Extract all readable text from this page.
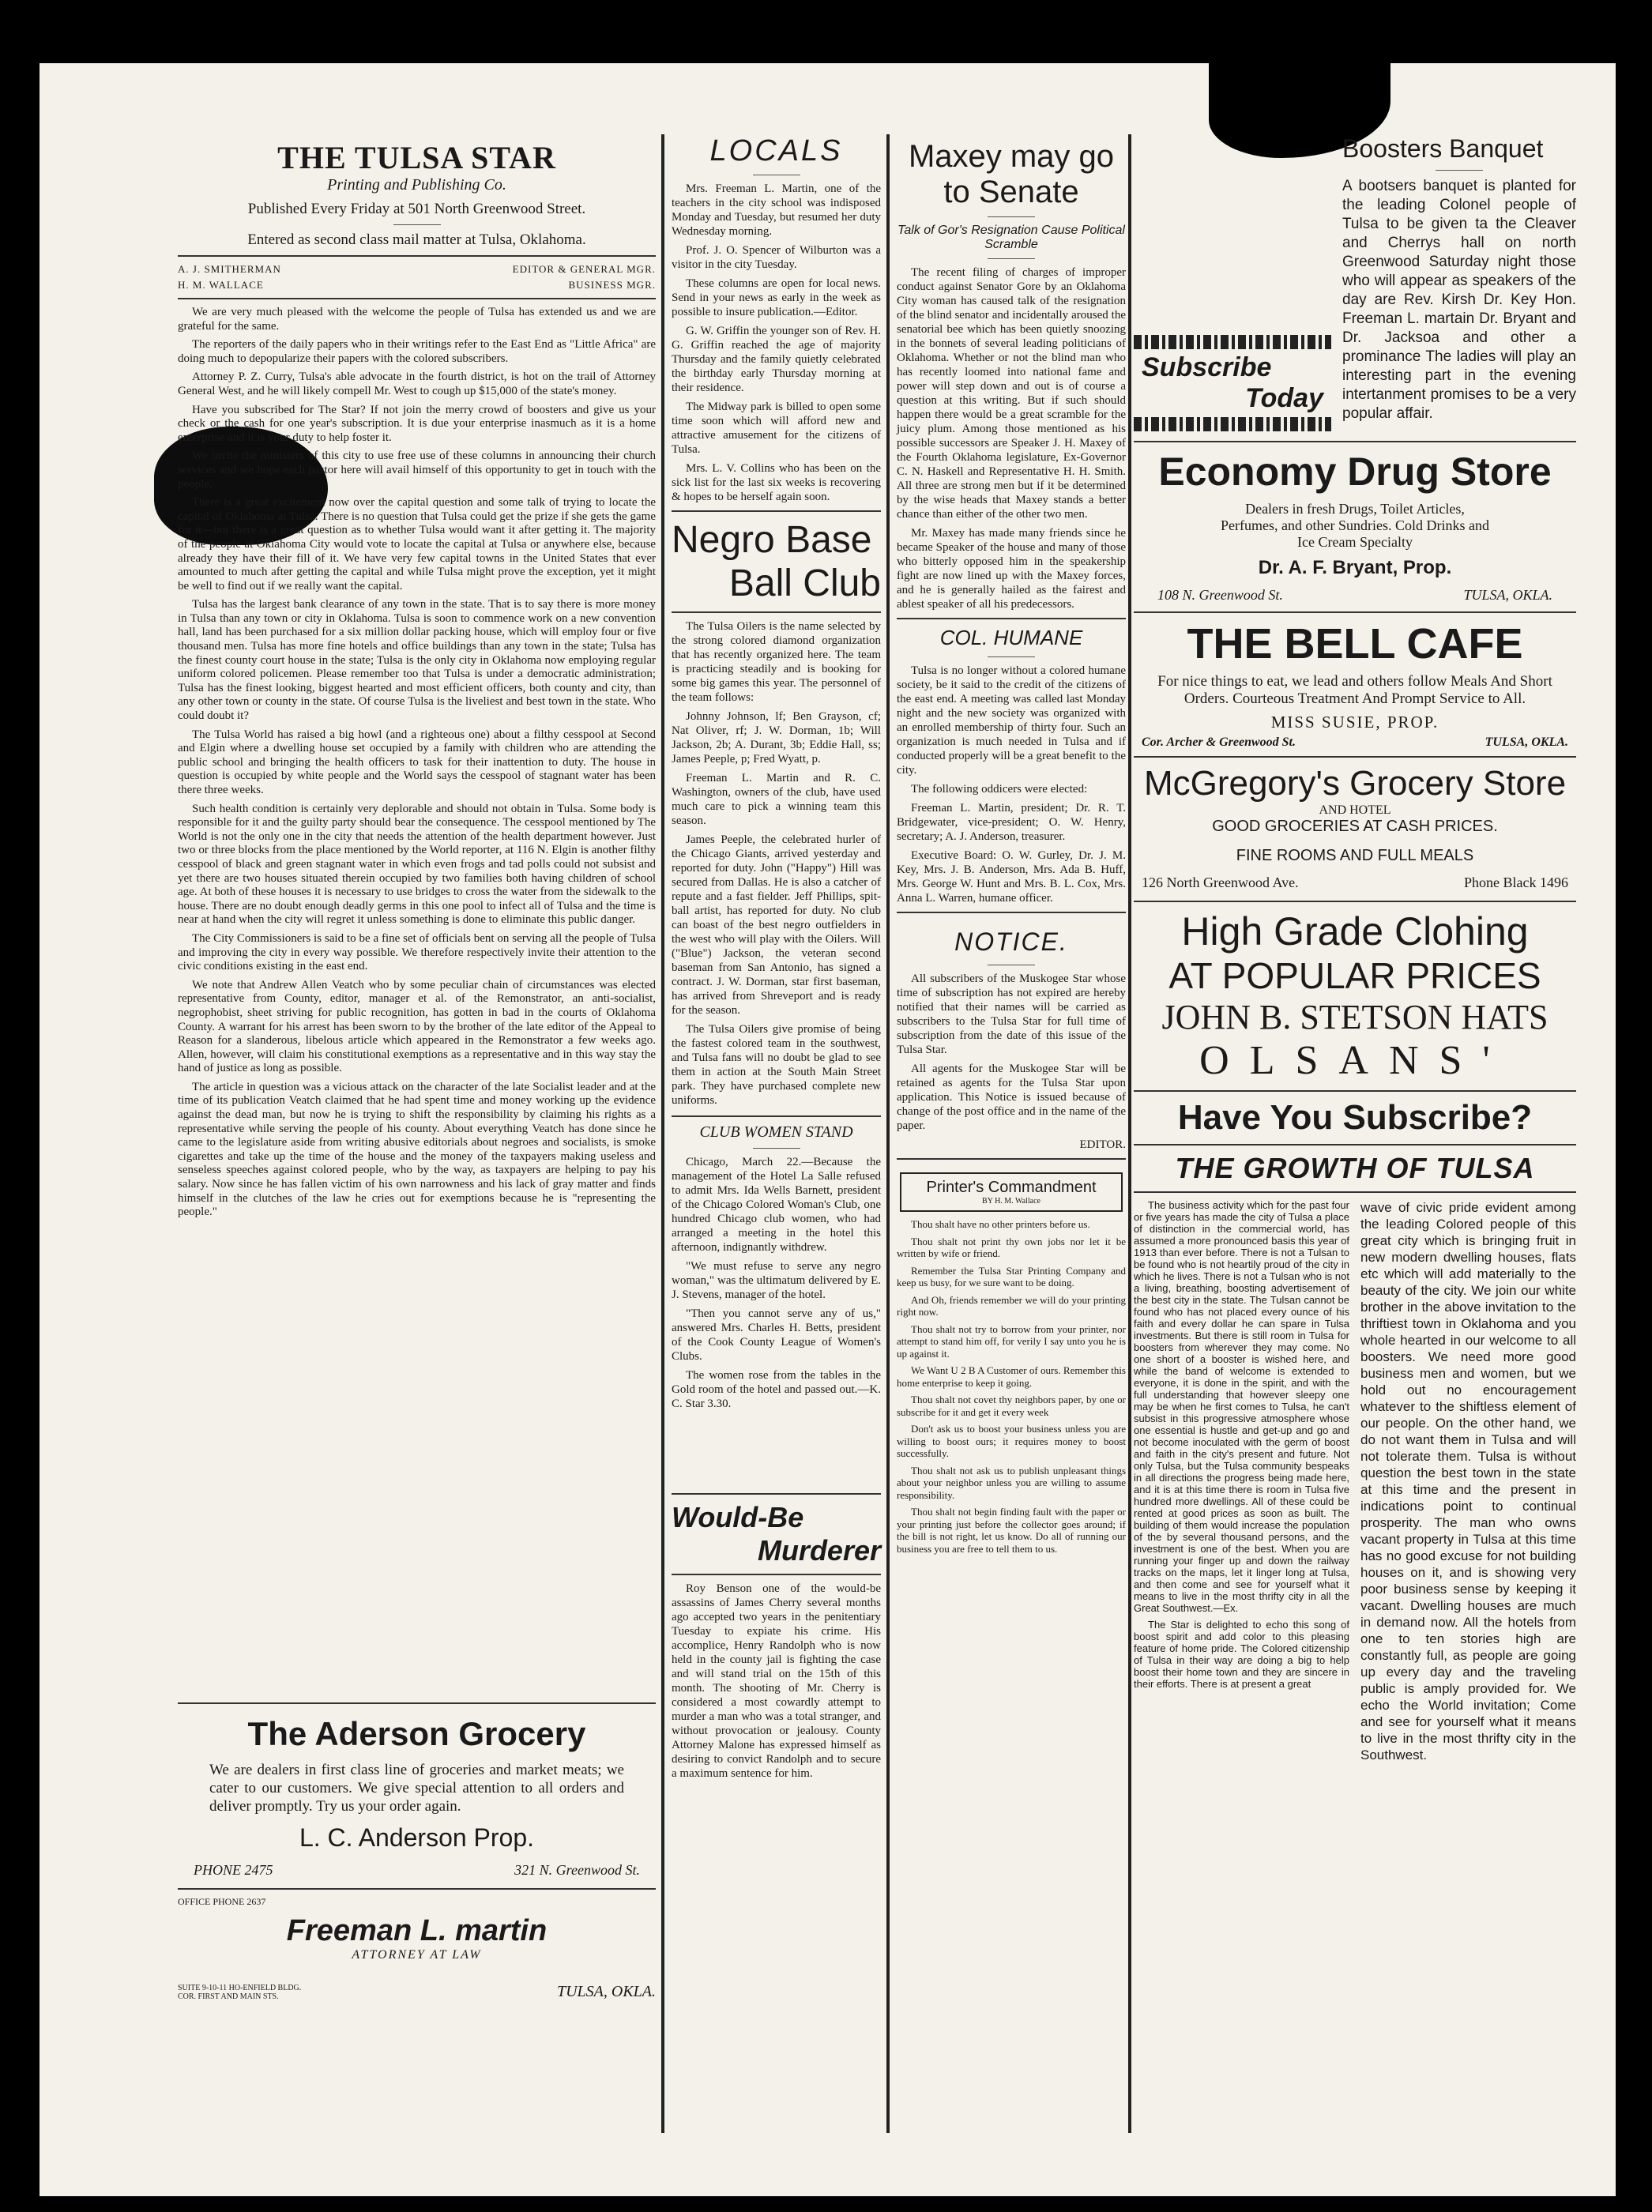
THE TULSA STAR
Printing and Publishing Co.
Published Every Friday at 501 North Greenwood Street.
Entered as second class mail matter at Tulsa, Oklahoma.
A. J. SMITHERMAN	EDITOR & GENERAL MGR.
H. M. WALLACE	BUSINESS MGR.

We are very much pleased with the welcome the people of Tulsa has extended us and we are grateful for the same.

The reporters of the daily papers who in their writings refer to the East End as "Little Africa" are doing much to depopularize their papers with the colored subscribers.

Attorney P. Z. Curry, Tulsa's able advocate in the fourth district, is hot on the trail of Attorney General West, and he will likely compell Mr. West to cough up $15,000 of the state's money.

Have you subscribed for The Star? If not join the merry crowd of boosters and give us your check or the cash for one year's subscription. It is due your enterprise inasmuch as it is a home enterprise and it is your duty to help foster it.

We invite the ministers of this city to use free use of these columns in announcing their church services and we hope each pastor here will avail himself of this opportunity to get in touch with the people.

There is a great excitement now over the capital question and some talk of trying to locate the capital of Oklahoma at Tulsa. There is no question that Tulsa could get the prize if she gets the game for it—but there is a great question as to whether Tulsa would want it after getting it. The majority of the people at Oklahoma City would vote to locate the capital at Tulsa or anywhere else, because already they have their fill of it. We have very few capital towns in the United States that ever amounted to much after getting the capital and while Tulsa might prove the exception, yet it might be well to find out if we really want the capital.

Tulsa has the largest bank clearance of any town in the state. That is to say there is more money in Tulsa than any town or city in Oklahoma. Tulsa is soon to commence work on a new convention hall, land has been purchased for a six million dollar packing house, which will employ four or five thousand men. Tulsa has more fine hotels and office buildings than any town in the state; Tulsa has the finest county court house in the state; Tulsa is the only city in Oklahoma now employing regular uniform colored policemen. Please remember too that Tulsa is under a democratic administration; Tulsa has the finest looking, biggest hearted and most efficient officers, both county and city, than any other town or county in the state. Of course Tulsa is the liveliest and best town in the state. Who could doubt it?

The Tulsa World has raised a big howl (and a righteous one) about a filthy cesspool at Second and Elgin where a dwelling house set occupied by a family with children who are attending the public school and bringing the health officers to task for their inattention to duty. The house in question is occupied by white people and the World says the cesspool of stagnant water has been there three weeks.

Such health condition is certainly very deplorable and should not obtain in Tulsa. Some body is responsible for it and the guilty party should bear the consequence. The cesspool mentioned by The World is not the only one in the city that needs the attention of the health department however. Just two or three blocks from the place mentioned by the World reporter, at 116 N. Elgin is another filthy cesspool of black and green stagnant water in which even frogs and tad polls could not subsist and yet there are two houses situated therein occupied by two families both having children of school age. At both of these houses it is necessary to use bridges to cross the water from the sidewalk to the house. There are no doubt enough deadly germs in this one pool to infect all of Tulsa and the time is near at hand when the city will regret it unless something is done to eliminate this public danger.

The City Commissioners is said to be a fine set of officials bent on serving all the people of Tulsa and improving the city in every way possible. We therefore respectively invite their attention to the civic conditions existing in the east end.

We note that Andrew Allen Veatch who by some peculiar chain of circumstances was elected representative from County, editor, manager et al. of the Remonstrator, an anti-socialist, negrophobist, sheet striving for public recognition, has gotten in bad in the courts of Oklahoma County. A warrant for his arrest has been sworn to by the brother of the late editor of the Appeal to Reason for a slanderous, libelous article which appeared in the Remonstrator a few weeks ago. Allen, however, will claim his constitutional exemptions as a representative and in this way stay the hand of justice as long as possible.

The article in question was a vicious attack on the character of the late Socialist leader and at the time of its publication Veatch claimed that he had spent time and money working up the evidence against the dead man, but now he is trying to shift the responsibility by claiming his rights as a representative while serving the people of his county. About everything Veatch has done since he came to the legislature aside from writing abusive editorials about negroes and socialists, is smoke cigarettes and take up the time of the house and the money of the taxpayers making useless and senseless speeches against colored people, who by the way, as taxpayers are helping to pay his salary. Now since he has fallen victim of his own narrowness and his lack of gray matter and finds himself in the clutches of the law he cries out for exemptions because he is "representing the people."

The Aderson Grocery
We are dealers in first class line of groceries and market meats; we cater to our customers. We give special attention to all orders and deliver promptly. Try us your order again.
L. C. Anderson Prop.
PHONE 2475	321 N. Greenwood St.
OFFICE PHONE 2637
Freeman L. martin
ATTORNEY AT LAW
SUITE 9-10-11 HO-ENFIELD BLDG. COR. FIRST AND MAIN STS.	TULSA, OKLA.
LOCALS

Mrs. Freeman L. Martin, one of the teachers in the city school was indisposed Monday and Tuesday, but resumed her duty Wednesday morning.

Prof. J. O. Spencer of Wilburton was a visitor in the city Tuesday.

These columns are open for local news. Send in your news as early in the week as possible to insure publication.—Editor.

G. W. Griffin the younger son of Rev. H. G. Griffin reached the age of majority Thursday and the family quietly celebrated the birthday early Thursday morning at their residence.

The Midway park is billed to open some time soon which will afford new and attractive amusement for the citizens of Tulsa.

Mrs. L. V. Collins who has been on the sick list for the last six weeks is recovering & hopes to be herself again soon.

Negro Base
Ball Club

The Tulsa Oilers is the name selected by the strong colored diamond organization that has recently organized here. The team is practicing steadily and is booking for some big games this year. The personnel of the team follows:

Johnny Johnson, lf; Ben Grayson, cf; Nat Oliver, rf; J. W. Dorman, 1b; Will Jackson, 2b; A. Durant, 3b; Eddie Hall, ss; James Peeple, p; Fred Wyatt, p.

Freeman L. Martin and R. C. Washington, owners of the club, have used much care to pick a winning team this season.

James Peeple, the celebrated hurler of the Chicago Giants, arrived yesterday and reported for duty. John ("Happy") Hill was secured from Dallas. He is also a catcher of repute and a fast fielder. Jeff Phillips, spit-ball artist, has reported for duty. No club can boast of the best negro outfielders in the west who will play with the Oilers. Will ("Blue") Jackson, the veteran second baseman from San Antonio, has signed a contract. J. W. Dorman, star first baseman, has arrived from Shreveport and is ready for the season.

The Tulsa Oilers give promise of being the fastest colored team in the southwest, and Tulsa fans will no doubt be glad to see them in action at the South Main Street park. They have purchased complete new uniforms.

CLUB WOMEN STAND

Chicago, March 22.—Because the management of the Hotel La Salle refused to admit Mrs. Ida Wells Barnett, president of the Chicago Colored Woman's Club, one hundred Chicago club women, who had arranged a meeting in the hotel this afternoon, indignantly withdrew.

"We must refuse to serve any negro woman," was the ultimatum delivered by E. J. Stevens, manager of the hotel.

"Then you cannot serve any of us," answered Mrs. Charles H. Betts, president of the Cook County League of Women's Clubs.

The women rose from the tables in the Gold room of the hotel and passed out.—K. C. Star 3.30.

Would-Be
Murderer

Roy Benson one of the would-be assassins of James Cherry several months ago accepted two years in the penitentiary Tuesday to expiate his crime. His accomplice, Henry Randolph who is now held in the county jail is fighting the case and will stand trial on the 15th of this month. The shooting of Mr. Cherry is considered a most cowardly attempt to murder a man who was a total stranger, and without provocation or jealousy. County Attorney Malone has expressed himself as desiring to convict Randolph and to secure a maximum sentence for him.

Maxey may go to Senate
Talk of Gor's Resignation Cause Political Scramble

The recent filing of charges of improper conduct against Senator Gore by an Oklahoma City woman has caused talk of the resignation of the blind senator and incidentally aroused the senatorial bee which has been quietly snoozing in the bonnets of several leading politicians of Oklahoma. Whether or not the blind man who has recently loomed into national fame and power will step down and out is of course a question at this writing. But if such should happen there would be a great scramble for the juicy plum. Among those mentioned as his possible successors are Speaker J. H. Maxey of the Fourth Oklahoma legislature, Ex-Governor C. N. Haskell and Representative H. H. Smith. All three are strong men but if it be determined by the wise heads that Maxey stands a better chance than either of the other two men.

Mr. Maxey has made many friends since he became Speaker of the house and many of those who bitterly opposed him in the speakership fight are now lined up with the Maxey forces, and he is generally hailed as the fairest and ablest speaker of all his predecessors.

COL. HUMANE

Tulsa is no longer without a colored humane society, be it said to the credit of the citizens of the east end. A meeting was called last Monday night and the new society was organized with an enrolled membership of thirty four. Such an organization is much needed in Tulsa and if conducted properly will be a great benefit to the city.

The following oddicers were elected:

Freeman L. Martin, president; Dr. R. T. Bridgewater, vice-president; O. W. Henry, secretary; A. J. Anderson, treasurer.

Executive Board: O. W. Gurley, Dr. J. M. Key, Mrs. J. B. Anderson, Mrs. Ada B. Huff, Mrs. George W. Hunt and Mrs. B. L. Cox, Mrs. Anna L. Warren, humane officer.

NOTICE.

All subscribers of the Muskogee Star whose time of subscription has not expired are hereby notified that their names will be carried as subscribers to the Tulsa Star for full time of subscription from the date of this issue of the Tulsa Star.

All agents for the Muskogee Star will be retained as agents for the Tulsa Star upon application. This Notice is issued because of change of the post office and in the name of the paper.

EDITOR.

Printer's Commandment
BY H. M. Wallace

Thou shalt have no other printers before us.

Thou shalt not print thy own jobs nor let it be written by wife or friend.

Remember the Tulsa Star Printing Company and keep us busy, for we sure want to be doing.

And Oh, friends remember we will do your printing right now.

Thou shalt not try to borrow from your printer, nor attempt to stand him off, for verily I say unto you he is up against it.

We Want U 2 B A Customer of ours. Remember this home enterprise to keep it going.

Thou shalt not covet thy neighbors paper, by one or subscribe for it and get it every week

Don't ask us to boost your business unless you are willing to boost ours; it requires money to boost successfully.

Thou shalt not ask us to publish unpleasant things about your neighbor unless you are willing to assume responsibility.

Thou shalt not begin finding fault with the paper or your printing just before the collector goes around; if the bill is not right, let us know. Do all of running our business you are free to tell them to us.

Subscribe
Today
Boosters Banquet
A bootsers banquet is planted for the leading Colonel people of Tulsa to be given ta the Cleaver and Cherrys hall on north Greenwood Saturday night those who will appear as speakers of the day are Rev. Kirsh Dr. Key Hon. Freeman L. martain Dr. Bryant and Dr. Jacksoa and other a prominance The ladies will play an interesting part in the evening intertanment promises to be a very popular affair.
Economy Drug Store
Dealers in fresh Drugs, Toilet Articles, Perfumes, and other Sundries. Cold Drinks and Ice Cream Specialty
Dr. A. F. Bryant, Prop.
108 N. Greenwood St.	TULSA, OKLA.
THE BELL CAFE
For nice things to eat, we lead and others follow Meals And Short Orders. Courteous Treatment And Prompt Service to All.
MISS SUSIE, PROP.
Cor. Archer & Greenwood St.	TULSA, OKLA.
McGregory's Grocery Store
AND HOTEL
GOOD GROCERIES AT CASH PRICES.
FINE ROOMS AND FULL MEALS
126 North Greenwood Ave.	Phone Black 1496
High Grade Clohing
AT POPULAR PRICES
JOHN B. STETSON HATS
OLSANS'
Have You Subscribe?
THE GROWTH OF TULSA

The business activity which for the past four or five years has made the city of Tulsa a place of distinction in the commercial world, has assumed a more pronounced basis this year of 1913 than ever before. There is not a Tulsan to be found who is not heartily proud of the city in which he lives. There is not a Tulsan who is not a living, breathing, boosting advertisement of the best city in the state. The Tulsan cannot be found who has not placed every ounce of his faith and every dollar he can spare in Tulsa investments. But there is still room in Tulsa for boosters from wherever they may come. No one short of a booster is wished here, and while the band of welcome is extended to everyone, it is done in the spirit, and with the full understanding that however sleepy one may be when he first comes to Tulsa, he can't subsist in this progressive atmosphere whose one essential is hustle and get-up and go and not become inoculated with the germ of boost and faith in the city's present and future. Not only Tulsa, but the Tulsa community bespeaks in all directions the progress being made here, and it is at this time there is room in Tulsa five hundred more dwellings. All of these could be rented at good prices as soon as built. The building of them would increase the population of the by several thousand persons, and the investment is one of the best. When you are running your finger up and down the railway tracks on the maps, let it linger long at Tulsa, and then come and see for yourself what it means to live in the most thrifty city in all the Great Southwest.—Ex.

The Star is delighted to echo this song of boost spirit and add color to this pleasing feature of home pride. The Colored citizenship of Tulsa in their way are doing a big to help boost their home town and they are sincere in their efforts. There is at present a great

wave of civic pride evident among the leading Colored people of this great city which is bringing fruit in new modern dwelling houses, flats etc which will add materially to the beauty of the city. We join our white brother in the above invitation to the thriftiest town in Oklahoma and you whole hearted in our welcome to all boosters. We need more good business men and women, but we hold out no encouragement whatever to the shiftless element of our people. On the other hand, we do not want them in Tulsa and will not tolerate them. Tulsa is without question the best town in the state at this time and the present in indications point to continual prosperity. The man who owns vacant property in Tulsa at this time has no good excuse for not building houses on it, and is showing very poor business sense by keeping it vacant. Dwelling houses are much in demand now. All the hotels from one to ten stories high are constantly full, as people are going up every day and the traveling public is amply provided for. We echo the World invitation; Come and see for yourself what it means to live in the most thrifty city in the Southwest.
